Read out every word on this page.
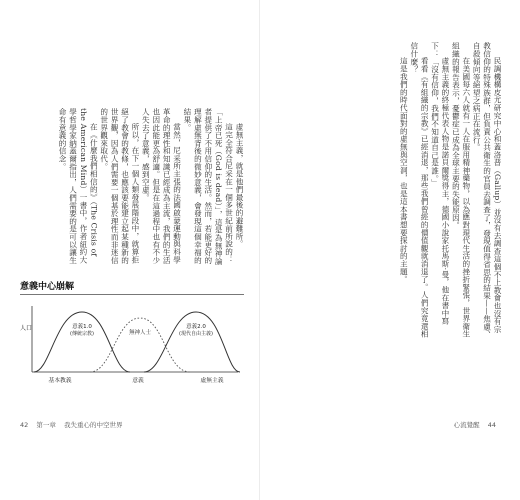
民調機構皮尤研究中心和蓋洛普（Gallup）並沒有去調查這個不上教會也沒有宗教信仰的特殊族群，但負責公共衛生的官員去調查了，發現值得省思的結果——焦慮、自殺傾向等絕望之病正在流行。

在美國每六人就有一人在服用精神藥物，以為應對現代生活的挫折緊張，世界衛生組織的報告表示，憂鬱症已成為全球主要的失能原因。

虛無主義的終極代表人物是諾貝爾獎得主，德國小說家托馬斯·曼，他在書中寫下：「沒有信仰，我們不知道自己是誰。」

看看《有組織的宗教》已經消退，那些我們曾經的價值觀就消退了。人們究竟還相信什麼？

這是我們的時代面對的虛無與空洞，也是這本書想要探討的主題。

心流覺醒 44

虛無主義，就是他們最後的避難所。

這完全符合尼采在一個多世紀前所說的：「上帝已死（God is dead）」，這是為無神論者提供了不用信仰的生活。然而，若能更好的理解虛無背後的微妙意義，會發現這個幸福的結果。

當然，尼采所主張的法國啟蒙運動與科學革命的理性和知識已經成為主流，我們的生活也因此能更為舒適。但是在這過程中也有不少人失去了意義，感到空虛。

所以，在下一個人類發展階段中，就算拒絕了教會的教條，也應該要能建立起某種新的世界觀，因為人們需要一個基於理性而非迷信的世界觀來取代。

在《什麼我們相信的》（The Crisis of the American Mind）一書中，作者紐約大學哲學家納蓋爾指出，人們需要的是可以讓生命有意義的信念。

意義中心崩解
人口	意義1.0
(傳統宗教)	無神人士
意義2.0
(現代自由主義)
基本教義	意義	虛無主義
42 第一章 我失重心的中空世界
